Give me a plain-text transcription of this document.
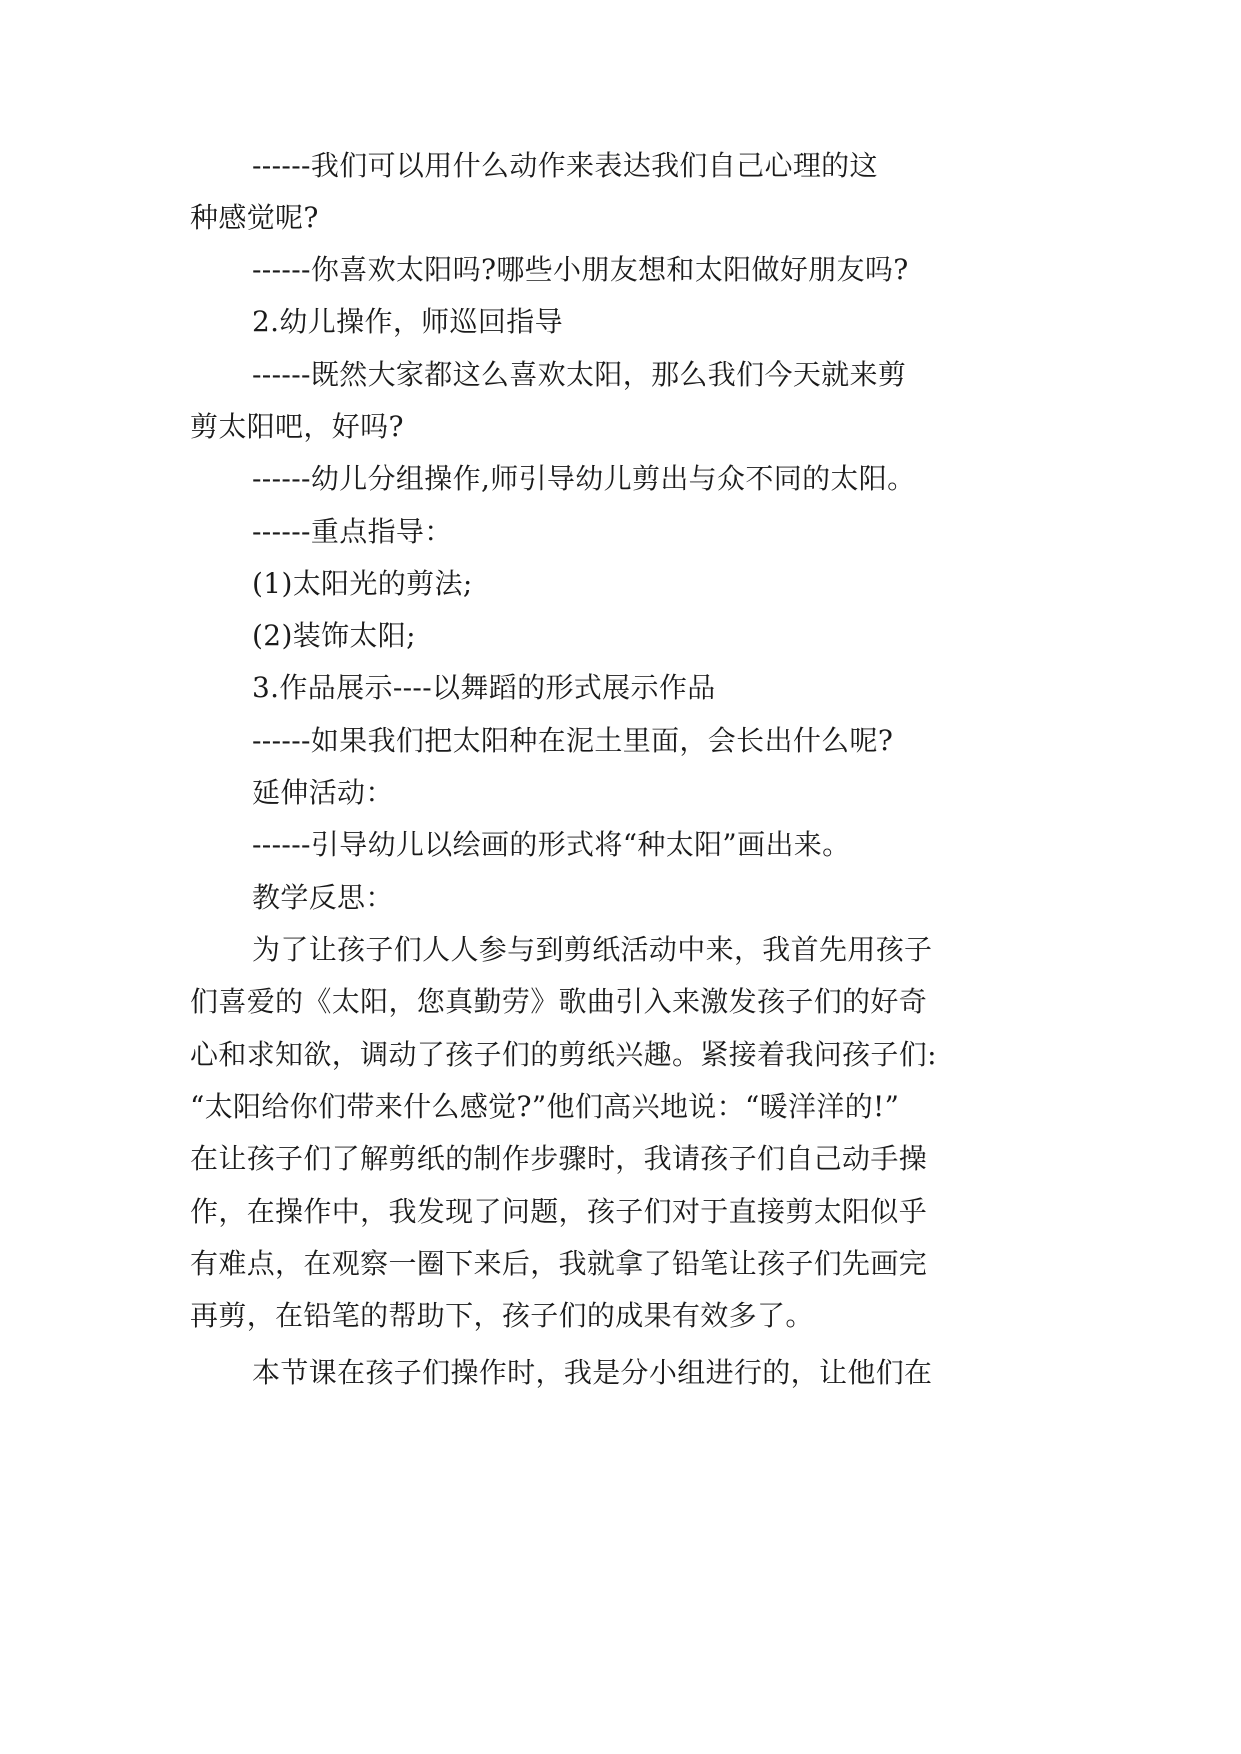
------我们可以用什么动作来表达我们自己心理的这
种感觉呢?
------你喜欢太阳吗?哪些小朋友想和太阳做好朋友吗?
2.幼儿操作，师巡回指导
------既然大家都这么喜欢太阳，那么我们今天就来剪
剪太阳吧，好吗?
------幼儿分组操作,师引导幼儿剪出与众不同的太阳。
------重点指导：
(1)太阳光的剪法;
(2)装饰太阳;
3.作品展示----以舞蹈的形式展示作品
------如果我们把太阳种在泥土里面，会长出什么呢?
延伸活动：
------引导幼儿以绘画的形式将“种太阳”画出来。
教学反思：
为了让孩子们人人参与到剪纸活动中来，我首先用孩子
们喜爱的《太阳，您真勤劳》歌曲引入来激发孩子们的好奇
心和求知欲，调动了孩子们的剪纸兴趣。紧接着我问孩子们:
“太阳给你们带来什么感觉?”他们高兴地说：“暖洋洋的!”
在让孩子们了解剪纸的制作步骤时，我请孩子们自己动手操
作，在操作中，我发现了问题，孩子们对于直接剪太阳似乎
有难点，在观察一圈下来后，我就拿了铅笔让孩子们先画完
再剪，在铅笔的帮助下，孩子们的成果有效多了。
本节课在孩子们操作时，我是分小组进行的，让他们在
